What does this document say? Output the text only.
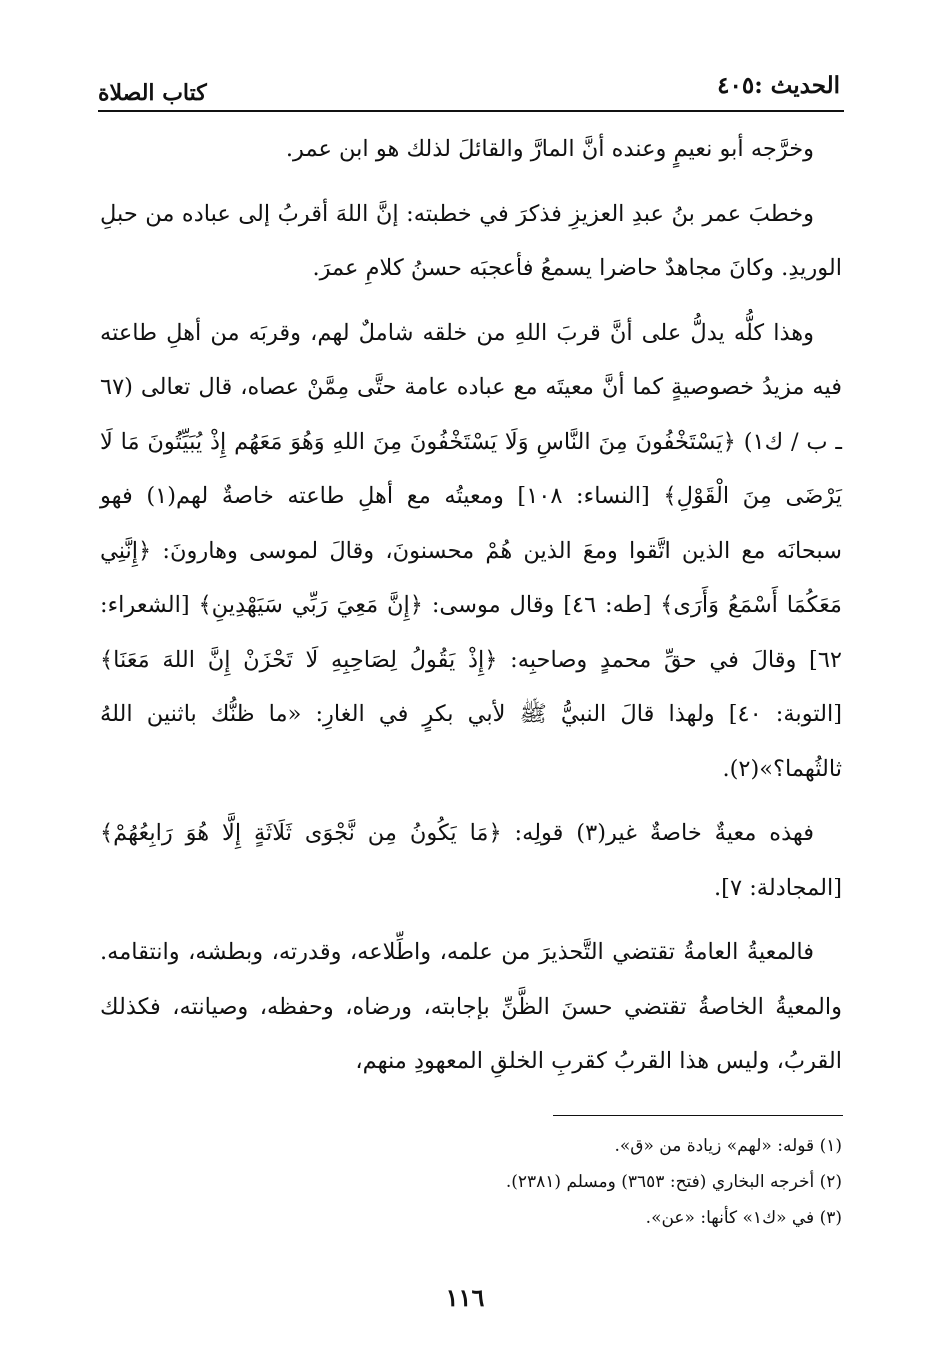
الحديث :٤٠٥
كتاب الصلاة

وخرَّجه أبو نعيمٍ وعنده أنَّ المارَّ والقائلَ لذلك هو ابن عمر.

وخطبَ عمر بنُ عبدِ العزيزِ فذكرَ في خطبته: إنَّ اللهَ أقربُ إلى عباده من حبلِ الوريدِ. وكانَ مجاهدٌ حاضرا يسمعُ فأعجبَه حسنُ كلامِ عمرَ.

وهذا كلُّه يدلُّ على أنَّ قربَ اللهِ من خلقه شاملٌ لهم، وقربَه من أهلِ طاعته فيه مزيدُ خصوصيةٍ كما أنَّ معيتَه مع عباده عامة حتَّى مِمَّنْ عصاه، قال تعالى (٦٧ ـ ب / ك١) ﴿يَسْتَخْفُونَ مِنَ النَّاسِ وَلَا يَسْتَخْفُونَ مِنَ اللهِ وَهُوَ مَعَهُم إِذْ يُبَيِّتُونَ مَا لَا يَرْضَى مِنَ الْقَوْلِ﴾ [النساء: ١٠٨] ومعيتُه مع أهلِ طاعته خاصةٌ لهم(١) فهو سبحانَه مع الذين اتَّقوا ومعَ الذين هُمْ محسنونَ، وقالَ لموسى وهارونَ: ﴿إِنَّنِي مَعَكُمَا أَسْمَعُ وَأَرَى﴾ [طه: ٤٦] وقال موسى: ﴿إِنَّ مَعِيَ رَبِّي سَيَهْدِينِ﴾ [الشعراء: ٦٢] وقالَ في حقِّ محمدٍ وصاحبِه: ﴿إِذْ يَقُولُ لِصَاحِبِهِ لَا تَحْزَنْ إِنَّ اللهَ مَعَنَا﴾ [التوبة: ٤٠] ولهذا قالَ النبيُّ ﷺ لأبي بكرٍ في الغارِ: «ما ظنُّك باثنين اللهُ ثالثُهما؟»(٢).

فهذه معيةٌ خاصةٌ غير(٣) قولِه: ﴿مَا يَكُونُ مِن نَّجْوَى ثَلَاثَةٍ إِلَّا هُوَ رَابِعُهُمْ﴾ [المجادلة: ٧].

فالمعيةُ العامةُ تقتضي التَّحذيرَ من علمه، واطِّلاعه، وقدرته، وبطشه، وانتقامه. والمعيةُ الخاصةُ تقتضي حسنَ الظَّنِّ بإجابته، ورضاه، وحفظه، وصيانته، فكذلك القربُ، وليس هذا القربُ كقربِ الخلقِ المعهودِ منهم،

(١) قوله: «لهم» زيادة من «ق».

(٢) أخرجه البخاري (فتح: ٣٦٥٣) ومسلم (٢٣٨١).

(٣) في «ك١» كأنها: «عن».

١١٦
